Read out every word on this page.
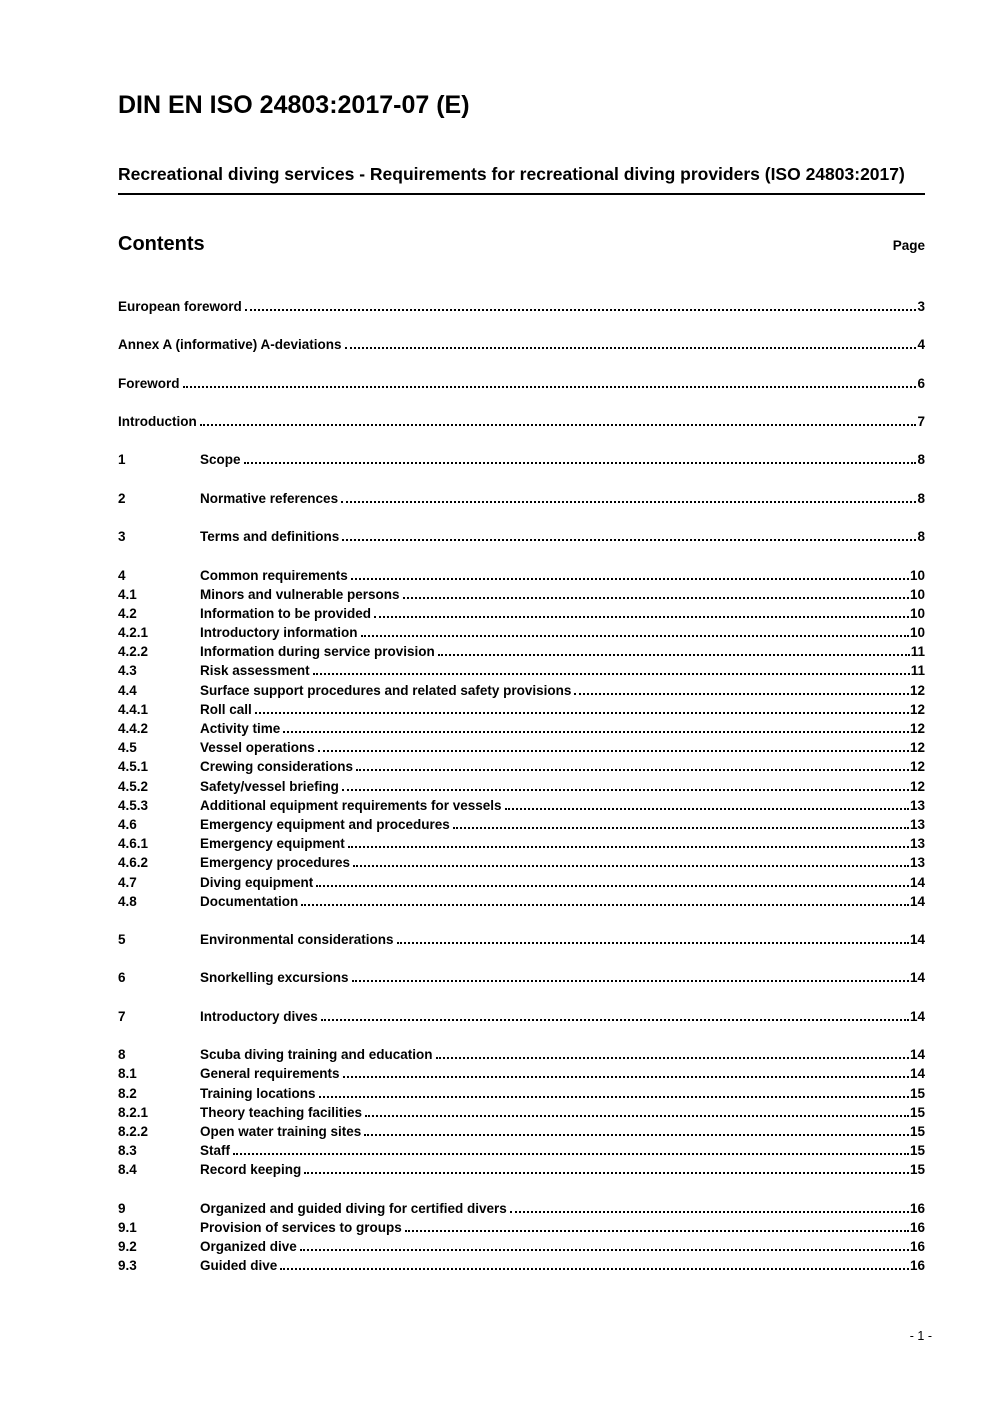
DIN EN ISO 24803:2017-07 (E)
Recreational diving services - Requirements for recreational diving providers (ISO 24803:2017)
Contents	Page
European foreword	3
Annex A (informative) A-deviations	4
Foreword	6
Introduction	7
1	Scope	8
2	Normative references	8
3	Terms and definitions	8
4	Common requirements	10
4.1	Minors and vulnerable persons	10
4.2	Information to be provided	10
4.2.1	Introductory information	10
4.2.2	Information during service provision	11
4.3	Risk assessment	11
4.4	Surface support procedures and related safety provisions	12
4.4.1	Roll call	12
4.4.2	Activity time	12
4.5	Vessel operations	12
4.5.1	Crewing considerations	12
4.5.2	Safety/vessel briefing	12
4.5.3	Additional equipment requirements for vessels	13
4.6	Emergency equipment and procedures	13
4.6.1	Emergency equipment	13
4.6.2	Emergency procedures	13
4.7	Diving equipment	14
4.8	Documentation	14
5	Environmental considerations	14
6	Snorkelling excursions	14
7	Introductory dives	14
8	Scuba diving training and education	14
8.1	General requirements	14
8.2	Training locations	15
8.2.1	Theory teaching facilities	15
8.2.2	Open water training sites	15
8.3	Staff	15
8.4	Record keeping	15
9	Organized and guided diving for certified divers	16
9.1	Provision of services to groups	16
9.2	Organized dive	16
9.3	Guided dive	16
- 1 -
